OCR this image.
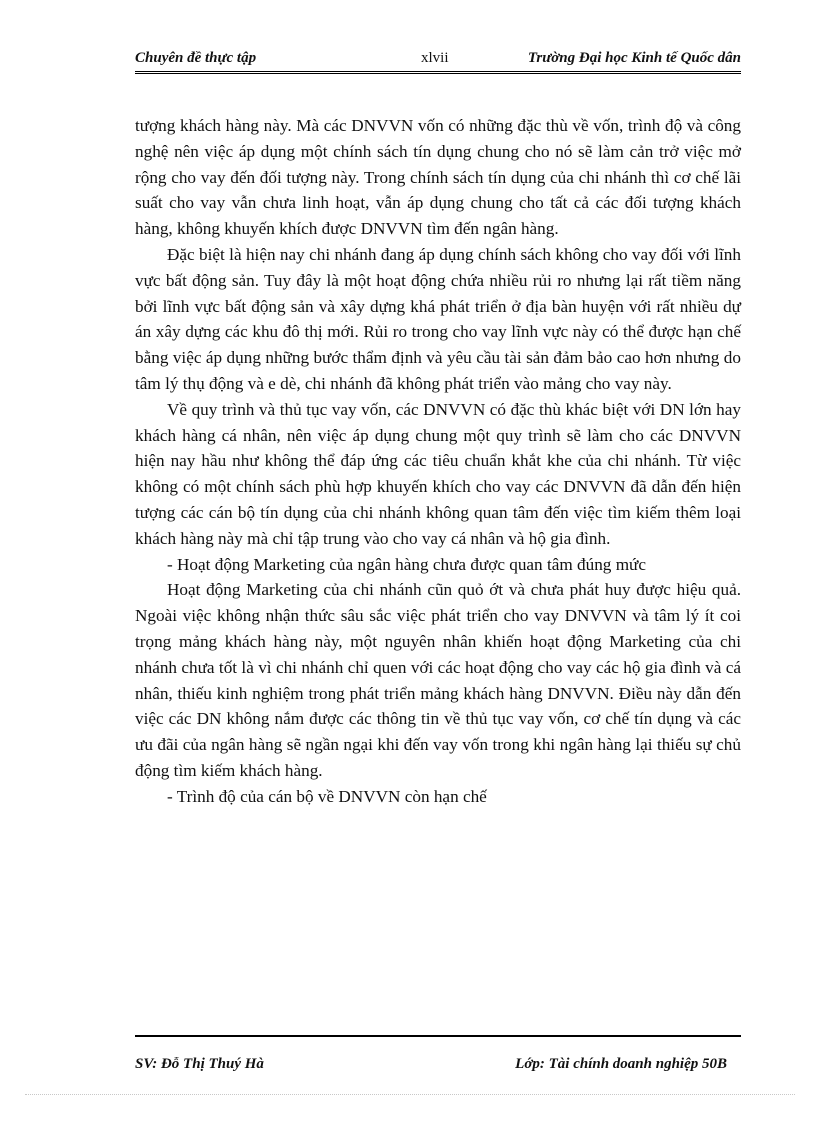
Chuyên đề thực tập	xlvii	Trường Đại học Kinh tế Quốc dân

tượng khách hàng này. Mà các DNVVN vốn có những đặc thù về vốn, trình độ và công nghệ nên việc áp dụng một chính sách tín dụng chung cho nó sẽ làm cản trở việc mở rộng cho vay đến đối tượng này. Trong chính sách tín dụng của chi nhánh thì cơ chế lãi suất cho vay vẫn chưa linh hoạt, vẫn áp dụng chung cho tất cả các đối tượng khách hàng, không khuyến khích được DNVVN tìm đến ngân hàng.

Đặc biệt là hiện nay chi nhánh đang áp dụng chính sách không cho vay đối với lĩnh vực bất động sản. Tuy đây là một hoạt động chứa nhiều rủi ro nhưng lại rất tiềm năng bởi lĩnh vực bất động sản và xây dựng khá phát triển ở địa bàn huyện với rất nhiều dự án xây dựng các khu đô thị mới. Rủi ro trong cho vay lĩnh vực này có thể được hạn chế bằng việc áp dụng những bước thẩm định và yêu cầu tài sản đảm bảo cao hơn nhưng do tâm lý thụ động và e dè, chi nhánh đã không phát triển vào mảng cho vay này.

Về quy trình và thủ tục vay vốn, các DNVVN có đặc thù khác biệt với DN lớn hay khách hàng cá nhân, nên việc áp dụng chung một quy trình sẽ làm cho các DNVVN hiện nay hầu như không thể đáp ứng các tiêu chuẩn khắt khe của chi nhánh. Từ việc không có một chính sách phù hợp khuyến khích cho vay các DNVVN đã dẫn đến hiện tượng các cán bộ tín dụng của chi nhánh không quan tâm đến việc tìm kiếm thêm loại khách hàng này mà chỉ tập trung vào cho vay cá nhân và hộ gia đình.

- Hoạt động Marketing của ngân hàng chưa được quan tâm đúng mức

Hoạt động Marketing của chi nhánh cũn quỏ ớt và chưa phát huy được hiệu quả. Ngoài việc không nhận thức sâu sắc việc phát triển cho vay DNVVN và tâm lý ít coi trọng mảng khách hàng này, một nguyên nhân khiến hoạt động Marketing của chi nhánh chưa tốt là vì chi nhánh chỉ quen với các hoạt động cho vay các hộ gia đình và cá nhân, thiếu kinh nghiệm trong phát triển mảng khách hàng DNVVN. Điều này dẫn đến việc các DN không nắm được các thông tin về thủ tục vay vốn, cơ chế tín dụng và các ưu đãi của ngân hàng sẽ ngần ngại khi đến vay vốn trong khi ngân hàng lại thiếu sự chủ động tìm kiếm khách hàng.

- Trình độ của cán bộ về DNVVN còn hạn chế

SV: Đỗ Thị Thuý Hà	Lớp: Tài chính doanh nghiệp 50B
